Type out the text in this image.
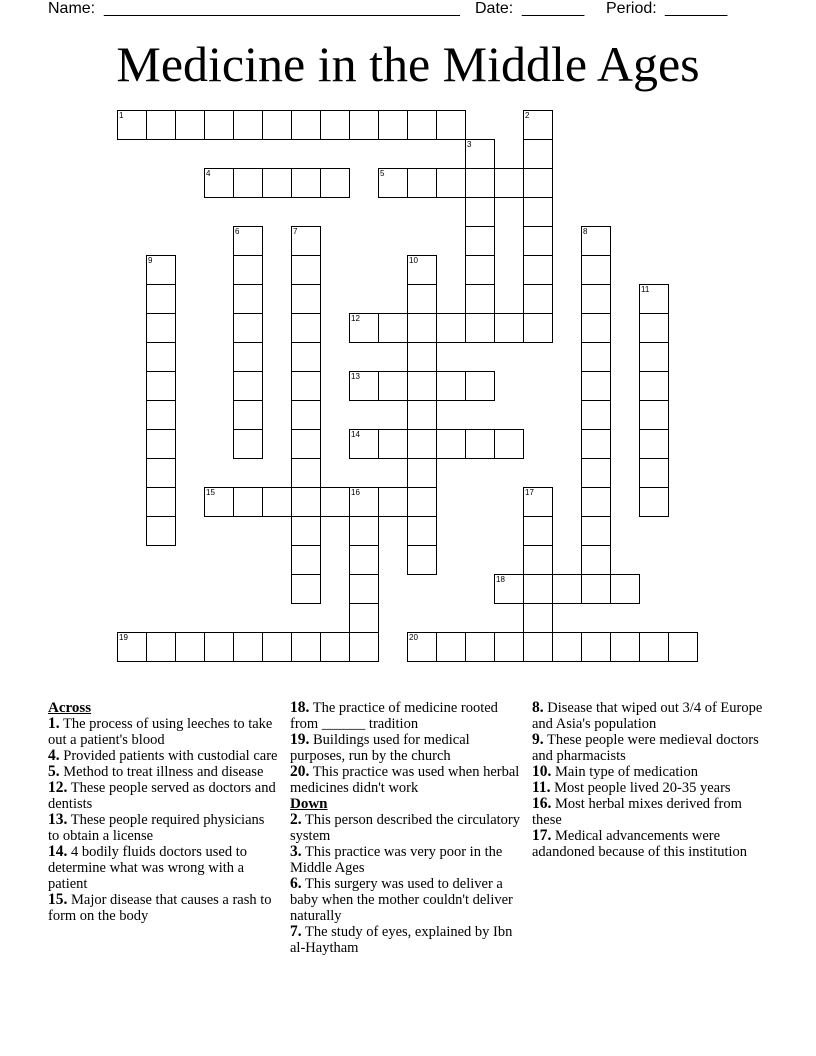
Name: ________________________________________ Date: _______ Period: _______
Medicine in the Middle Ages
1	2
3
4	5
6	7	8
9	10
11
12
13
14
15	16	17
18
19	20
Across
1. The process of using leeches to take out a patient's blood
4. Provided patients with custodial care
5. Method to treat illness and disease
12. These people served as doctors and dentists
13. These people required physicians to obtain a license
14. 4 bodily fluids doctors used to determine what was wrong with a patient
15. Major disease that causes a rash to form on the body
18. The practice of medicine rooted from ______ tradition
19. Buildings used for medical purposes, run by the church
20. This practice was used when herbal medicines didn't work
Down
2. This person described the circulatory system
3. This practice was very poor in the Middle Ages
6. This surgery was used to deliver a baby when the mother couldn't deliver naturally
7. The study of eyes, explained by Ibn al-Haytham
8. Disease that wiped out 3/4 of Europe and Asia's population
9. These people were medieval doctors and pharmacists
10. Main type of medication
11. Most people lived 20-35 years
16. Most herbal mixes derived from these
17. Medical advancements were adandoned because of this institution
